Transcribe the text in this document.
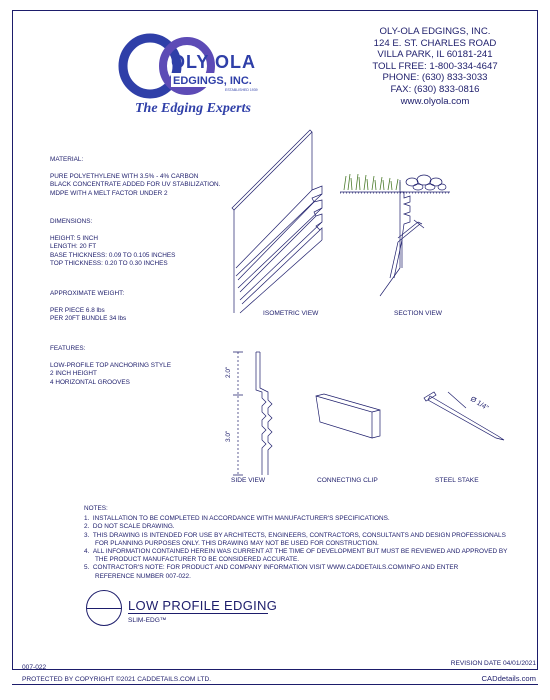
OLY OLA
EDGINGS, INC.
ESTABLISHED 1939
The Edging Experts
OLY-OLA EDGINGS, INC.
124 E. ST. CHARLES ROAD
VILLA PARK, IL 60181-241
TOLL FREE: 1-800-334-4647
PHONE: (630) 833-3033
FAX: (630) 833-0816
www.olyola.com
MATERIAL:
PURE POLYETHYLENE WITH 3.5% - 4% CARBON
BLACK CONCENTRATE ADDED FOR UV STABILIZATION.
MDPE WITH A MELT FACTOR UNDER 2
DIMENSIONS:
HEIGHT: 5 INCH
LENGTH: 20 FT
BASE THICKNESS: 0.09 TO 0.105 INCHES
TOP THICKNESS: 0.20 TO 0.30 INCHES
APPROXIMATE WEIGHT:
PER PIECE 6.8 lbs
PER 20FT BUNDLE 34 lbs
FEATURES:
LOW-PROFILE TOP ANCHORING STYLE
2 INCH HEIGHT
4 HORIZONTAL GROOVES
ISOMETRIC VIEW	SECTION VIEW
2.0"
3.0"
SIDE VIEW	CONNECTING CLIP
Ø 1/4"
STEEL STAKE
NOTES:
1. INSTALLATION TO BE COMPLETED IN ACCORDANCE WITH MANUFACTURER'S SPECIFICATIONS.
2. DO NOT SCALE DRAWING.
3. THIS DRAWING IS INTENDED FOR USE BY ARCHITECTS, ENGINEERS, CONTRACTORS, CONSULTANTS AND DESIGN PROFESSIONALS
FOR PLANNING PURPOSES ONLY. THIS DRAWING MAY NOT BE USED FOR CONSTRUCTION.
4. ALL INFORMATION CONTAINED HEREIN WAS CURRENT AT THE TIME OF DEVELOPMENT BUT MUST BE REVIEWED AND APPROVED BY
THE PRODUCT MANUFACTURER TO BE CONSIDERED ACCURATE.
5. CONTRACTOR'S NOTE: FOR PRODUCT AND COMPANY INFORMATION VISIT WWW.CADDETAILS.COM/INFO AND ENTER
REFERENCE NUMBER 007-022.
LOW PROFILE EDGING
SLIM-EDG™
007-022
REVISION DATE 04/01/2021
PROTECTED BY COPYRIGHT ©2021 CADDETAILS.COM LTD.	CADdetails.com
